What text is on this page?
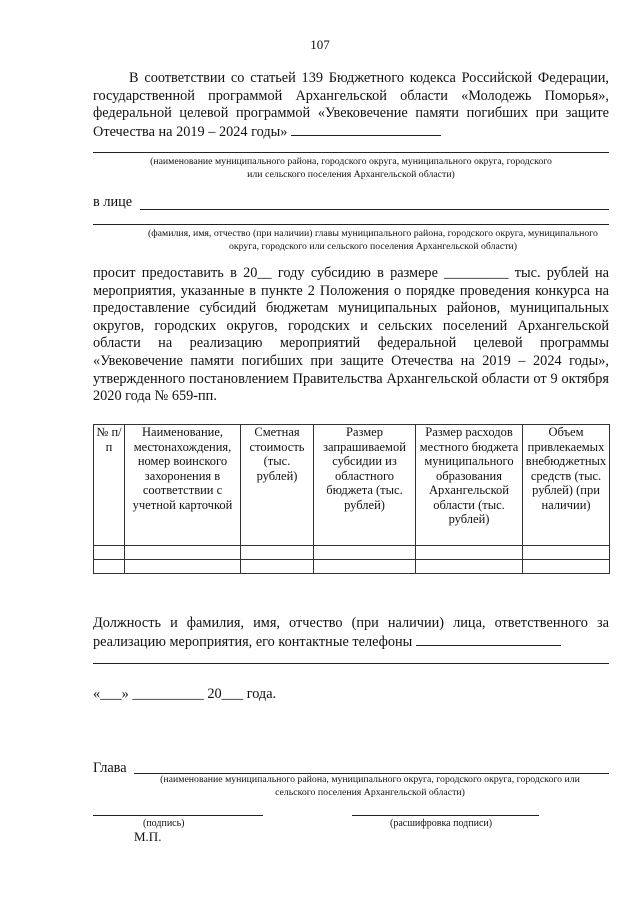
107
В соответствии со статьей 139 Бюджетного кодекса Российской Федерации, государственной программой Архангельской области «Молодежь Поморья», федеральной целевой программой «Увековечение памяти погибших при защите Отечества на 2019 – 2024 годы»
(наименование муниципального района, городского округа, муниципального округа, городского или сельского поселения Архангельской области)
в лице
(фамилия, имя, отчество (при наличии) главы муниципального района, городского округа, муниципального округа, городского или сельского поселения Архангельской области)
просит предоставить в 20__ году субсидию в размере _________ тыс. рублей на мероприятия, указанные в пункте 2 Положения о порядке проведения конкурса на предоставление субсидий бюджетам муниципальных районов, муниципальных округов, городских округов, городских и сельских поселений Архангельской области на реализацию мероприятий федеральной целевой программы «Увековечение памяти погибших при защите Отечества на 2019 – 2024 годы», утвержденного постановлением Правительства Архангельской области от 9 октября 2020 года № 659-пп.
№ п/п	Наименование, местонахождения, номер воинского захоронения в соответствии с учетной карточкой	Сметная стоимость (тыс. рублей)	Размер запрашиваемой субсидии из областного бюджета (тыс. рублей)	Размер расходов местного бюджета муниципального образования Архангельской области (тыс. рублей)	Объем привлекаемых внебюджетных средств (тыс. рублей) (при наличии)

Должность и фамилия, имя, отчество (при наличии) лица, ответственного за реализацию мероприятия, его контактные телефоны
«___» __________ 20___ года.
Глава
(наименование муниципального района, муниципального округа, городского округа, городского или сельского поселения Архангельской области)
(подпись)	(расшифровка подписи)
М.П.
